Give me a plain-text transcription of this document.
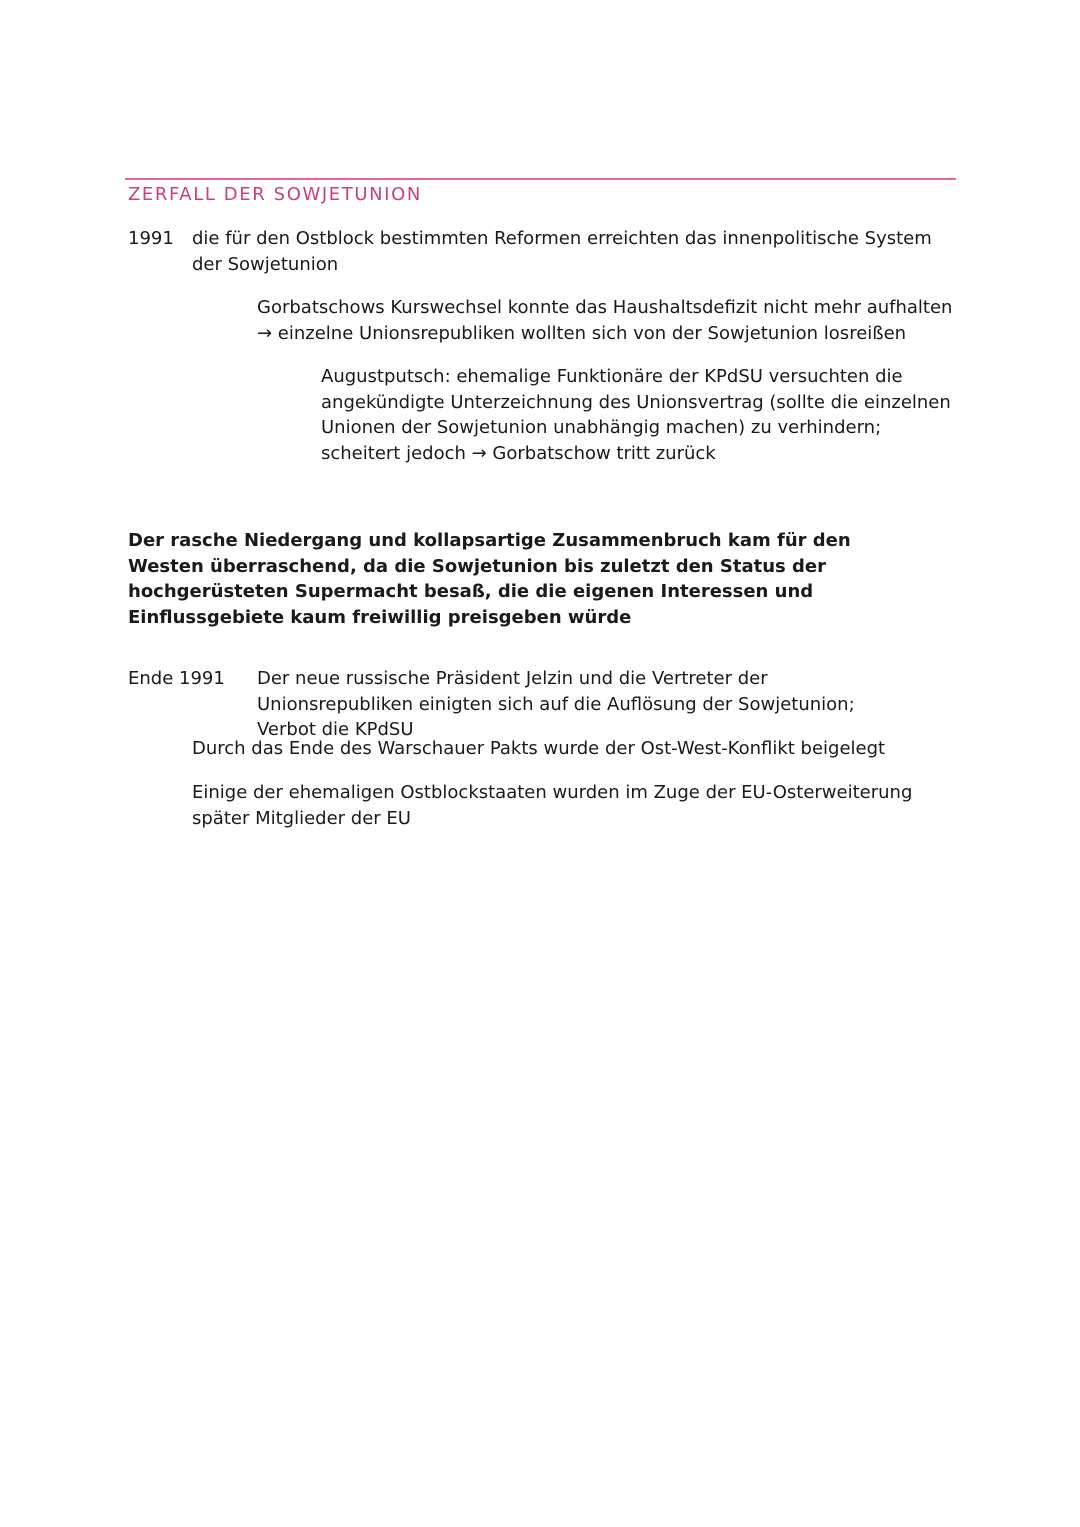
ZERFALL DER SOWJETUNION
1991 die für den Ostblock bestimmten Reformen erreichten das innenpolitische System der Sowjetunion
Gorbatschows Kurswechsel konnte das Haushaltsdefizit nicht mehr aufhalten → einzelne Unionsrepubliken wollten sich von der Sowjetunion losreißen
Augustputsch: ehemalige Funktionäre der KPdSU versuchten die angekündigte Unterzeichnung des Unionsvertrag (sollte die einzelnen Unionen der Sowjetunion unabhängig machen) zu verhindern; scheitert jedoch → Gorbatschow tritt zurück
Der rasche Niedergang und kollapsartige Zusammenbruch kam für den Westen überraschend, da die Sowjetunion bis zuletzt den Status der hochgerüsteten Supermacht besaß, die die eigenen Interessen und Einflussgebiete kaum freiwillig preisgeben würde
Ende 1991 Der neue russische Präsident Jelzin und die Vertreter der Unionsrepubliken einigten sich auf die Auflösung der Sowjetunion; Verbot die KPdSU
Durch das Ende des Warschauer Pakts wurde der Ost-West-Konflikt beigelegt
Einige der ehemaligen Ostblockstaaten wurden im Zuge der EU-Osterweiterung später Mitglieder der EU
